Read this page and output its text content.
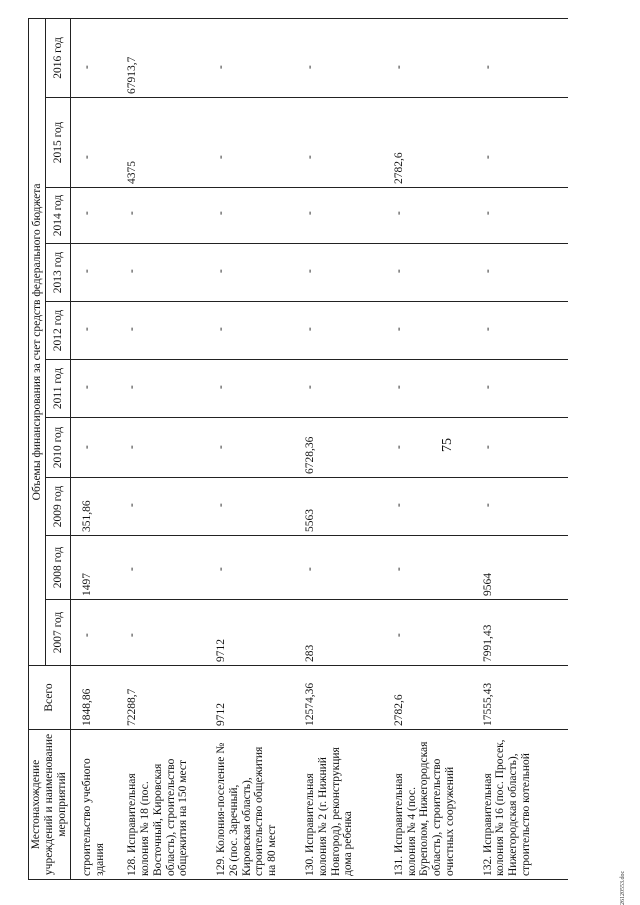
75
Местонахождение учреждений и наименование мероприятий	Всего	Объемы финансирования за счет средств федерального бюджета									
		2007 год	2008 год	2009 год	2010 год	2011 год	2012 год	2013 год	2014 год	2015 год	2016 год
строительство учебного здания	1848,86	-	1497	351,86	-	-	-	-	-	-	-
128. Исправительная колония № 18 (пос. Восточный, Кировская область), строительство общежития на 150 мест	72288,7	-	-	-	-	-	-	-	-	4375	67913,7
129. Колония-поселение № 26 (пос. Заречный, Кировская область), строительство общежития на 80 мест	9712	9712	-	-	-	-	-	-	-	-	-
130. Исправительная колония № 2 (г. Нижний Новгород), реконструкция дома ребенка	12574,36	283	-	5563	6728,36	-	-	-	-	-	-
131. Исправительная колония № 4 (пос. Буреполом, Нижегородская область), строительство очистных сооружений	2782,6	-	-	-	-	-	-	-	-	2782,6	-
132. Исправительная колония № 16 (пос. Просек, Нижегородская область), строительство котельной	17555,43	7991,43	9564	-	-	-	-	-	-	-	-
26120553.doc
